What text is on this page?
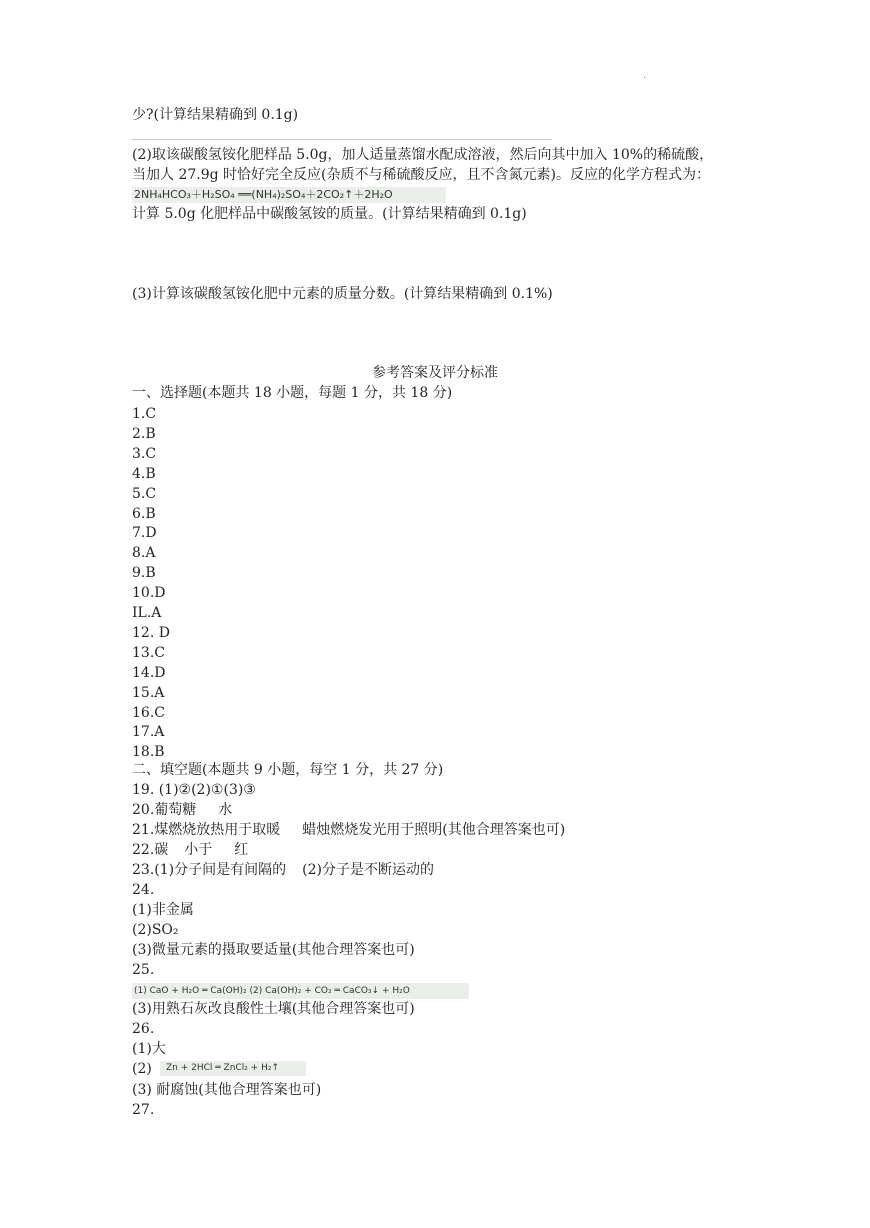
.
少?(计算结果精确到 0.1g)
(2)取该碳酸氢铵化肥样品 5.0g，加人适量蒸馏水配成溶液，然后向其中加入 10%的稀硫酸，
当加人 27.9g 时恰好完全反应(杂质不与稀硫酸反应，且不含氮元素)。反应的化学方程式为：
2NH₄HCO₃＋H₂SO₄ ══(NH₄)₂SO₄＋2CO₂↑＋2H₂O
计算 5.0g 化肥样品中碳酸氢铵的质量。(计算结果精确到 0.1g)
(3)计算该碳酸氢铵化肥中元素的质量分数。(计算结果精确到 0.1%)
参考答案及评分标准
一、选择题(本题共 18 小题，每题 1 分，共 18 分)
1.C
2.B
3.C
4.B
5.C
6.B
7.D
8.A
9.B
10.D
IL.A
12. D
13.C
14.D
15.A
16.C
17.A
18.B
二、填空题(本题共 9 小题，每空 1 分，共 27 分)
19. (1)②(2)①(3)③
20.葡萄糖 水
21.煤燃烧放热用于取暖 蜡烛燃烧发光用于照明(其他合理答案也可)
22.碳 小于 红
23.(1)分子间是有间隔的 (2)分子是不断运动的
24.
(1)非金属
(2)SO₂
(3)微量元素的摄取要适量(其他合理答案也可)
25.
(1) CaO + H₂O ═ Ca(OH)₂ (2) Ca(OH)₂ + CO₂ ═ CaCO₃↓ + H₂O
(3)用熟石灰改良酸性土壤(其他合理答案也可)
26.
(1)大
(2)	Zn + 2HCl ═ ZnCl₂ + H₂↑
(3) 耐腐蚀(其他合理答案也可)
27.
